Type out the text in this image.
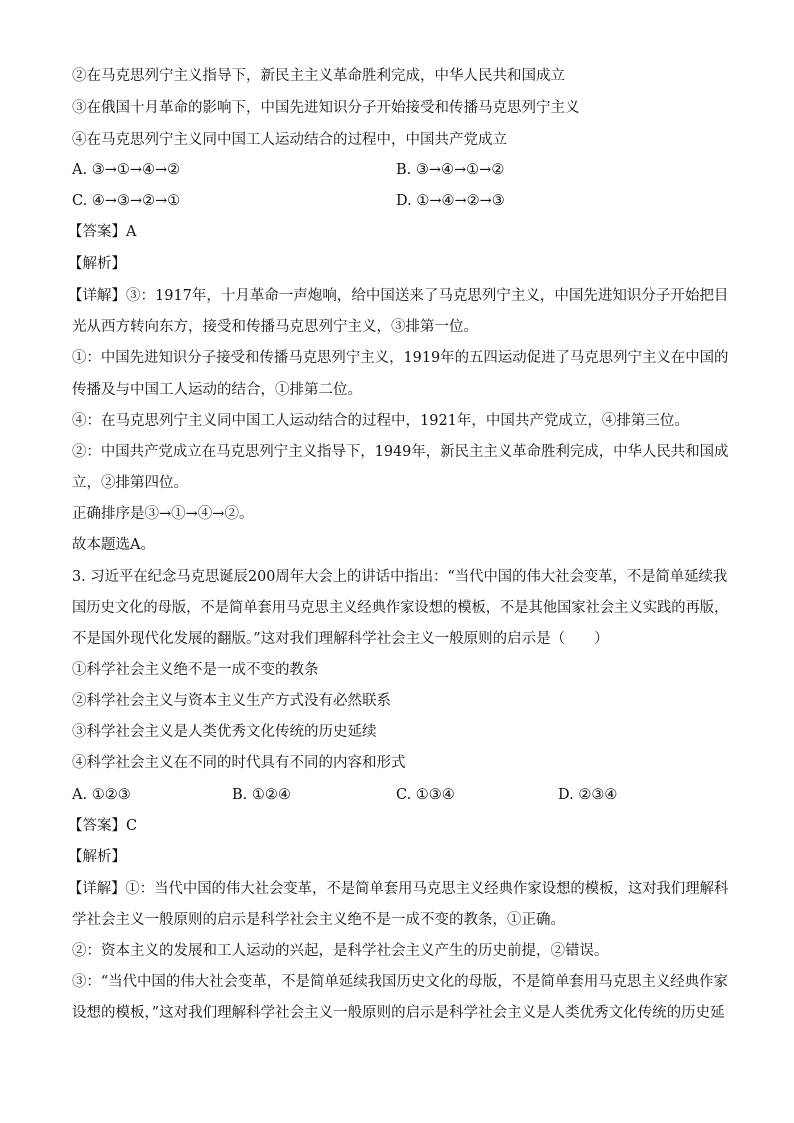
②在马克思列宁主义指导下，新民主主义革命胜利完成，中华人民共和国成立
③在俄国十月革命的影响下，中国先进知识分子开始接受和传播马克思列宁主义
④在马克思列宁主义同中国工人运动结合的过程中，中国共产党成立
A. ③→①→④→②	B. ③→④→①→②
C. ④→③→②→①	D. ①→④→②→③
【答案】A
【解析】
【详解】③：1917年，十月革命一声炮响，给中国送来了马克思列宁主义，中国先进知识分子开始把目
光从西方转向东方，接受和传播马克思列宁主义，③排第一位。
①：中国先进知识分子接受和传播马克思列宁主义，1919年的五四运动促进了马克思列宁主义在中国的
传播及与中国工人运动的结合，①排第二位。
④：在马克思列宁主义同中国工人运动结合的过程中，1921年，中国共产党成立，④排第三位。
②：中国共产党成立在马克思列宁主义指导下，1949年，新民主主义革命胜利完成，中华人民共和国成
立，②排第四位。
正确排序是③→①→④→②。
故本题选A。
3. 习近平在纪念马克思诞辰200周年大会上的讲话中指出：“当代中国的伟大社会变革，不是简单延续我
国历史文化的母版，不是简单套用马克思主义经典作家设想的模板，不是其他国家社会主义实践的再版，
不是国外现代化发展的翻版。”这对我们理解科学社会主义一般原则的启示是（　　）
①科学社会主义绝不是一成不变的教条
②科学社会主义与资本主义生产方式没有必然联系
③科学社会主义是人类优秀文化传统的历史延续
④科学社会主义在不同的时代具有不同的内容和形式
A. ①②③	B. ①②④	C. ①③④	D. ②③④
【答案】C
【解析】
【详解】①：当代中国的伟大社会变革，不是简单套用马克思主义经典作家设想的模板，这对我们理解科
学社会主义一般原则的启示是科学社会主义绝不是一成不变的教条，①正确。
②：资本主义的发展和工人运动的兴起，是科学社会主义产生的历史前提，②错误。
③：“当代中国的伟大社会变革，不是简单延续我国历史文化的母版，不是简单套用马克思主义经典作家
设想的模板，”这对我们理解科学社会主义一般原则的启示是科学社会主义是人类优秀文化传统的历史延
